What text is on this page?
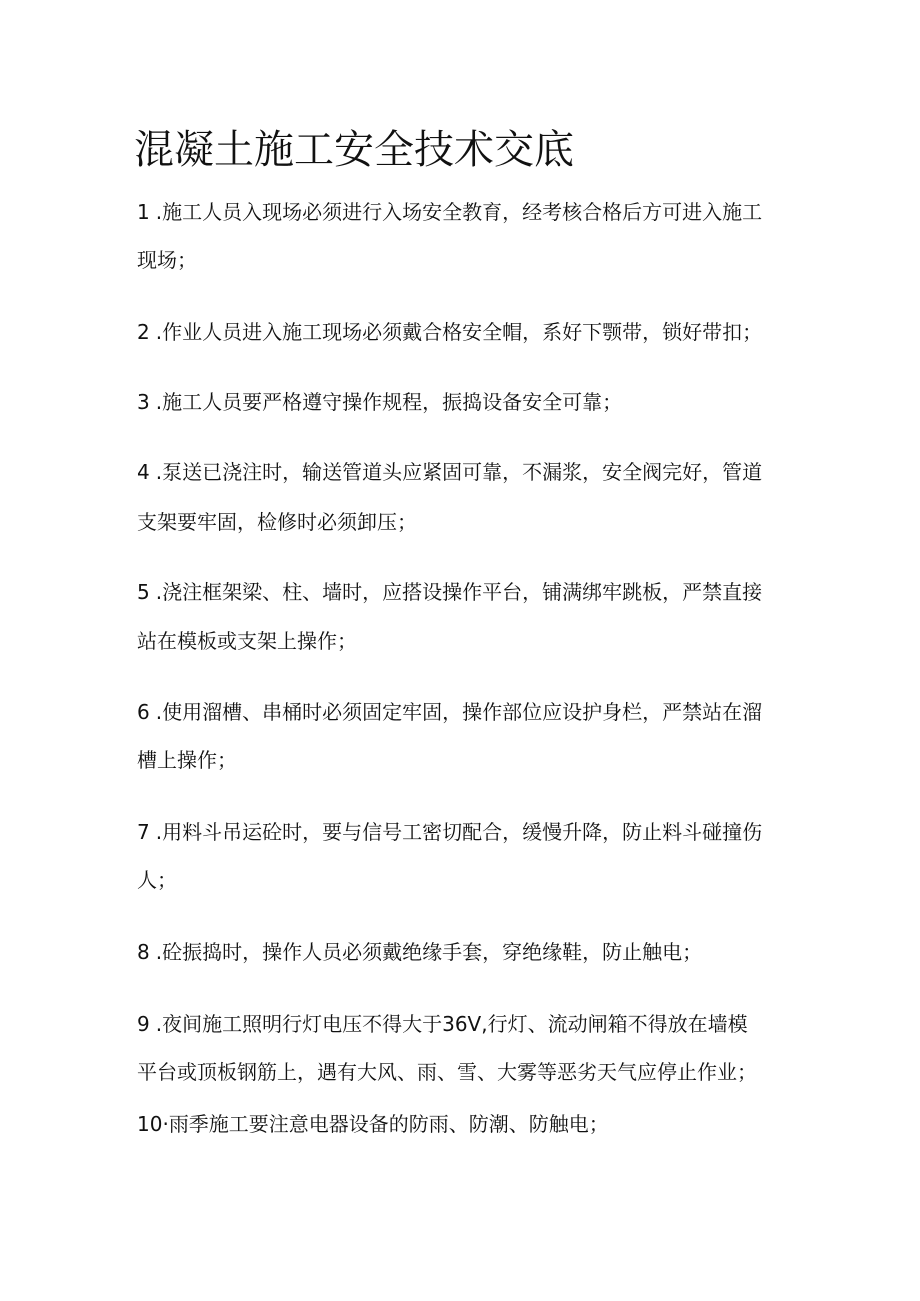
混凝土施工安全技术交底

1 .施工人员入现场必须进行入场安全教育，经考核合格后方可进入施工

现场；

2 .作业人员进入施工现场必须戴合格安全帽，系好下颚带，锁好带扣；

3 .施工人员要严格遵守操作规程，振捣设备安全可靠；

4 .泵送已浇注时，输送管道头应紧固可靠，不漏浆，安全阀完好，管道

支架要牢固，检修时必须卸压；

5 .浇注框架梁、柱、墙时，应搭设操作平台，铺满绑牢跳板，严禁直接

站在模板或支架上操作；

6 .使用溜槽、串桶时必须固定牢固，操作部位应设护身栏，严禁站在溜

槽上操作；

7 .用料斗吊运砼时，要与信号工密切配合，缓慢升降，防止料斗碰撞伤

人；

8 .砼振捣时，操作人员必须戴绝缘手套，穿绝缘鞋，防止触电；

9 .夜间施工照明行灯电压不得大于36V,行灯、流动闸箱不得放在墙模

平台或顶板钢筋上，遇有大风、雨、雪、大雾等恶劣天气应停止作业；

10·雨季施工要注意电器设备的防雨、防潮、防触电；
